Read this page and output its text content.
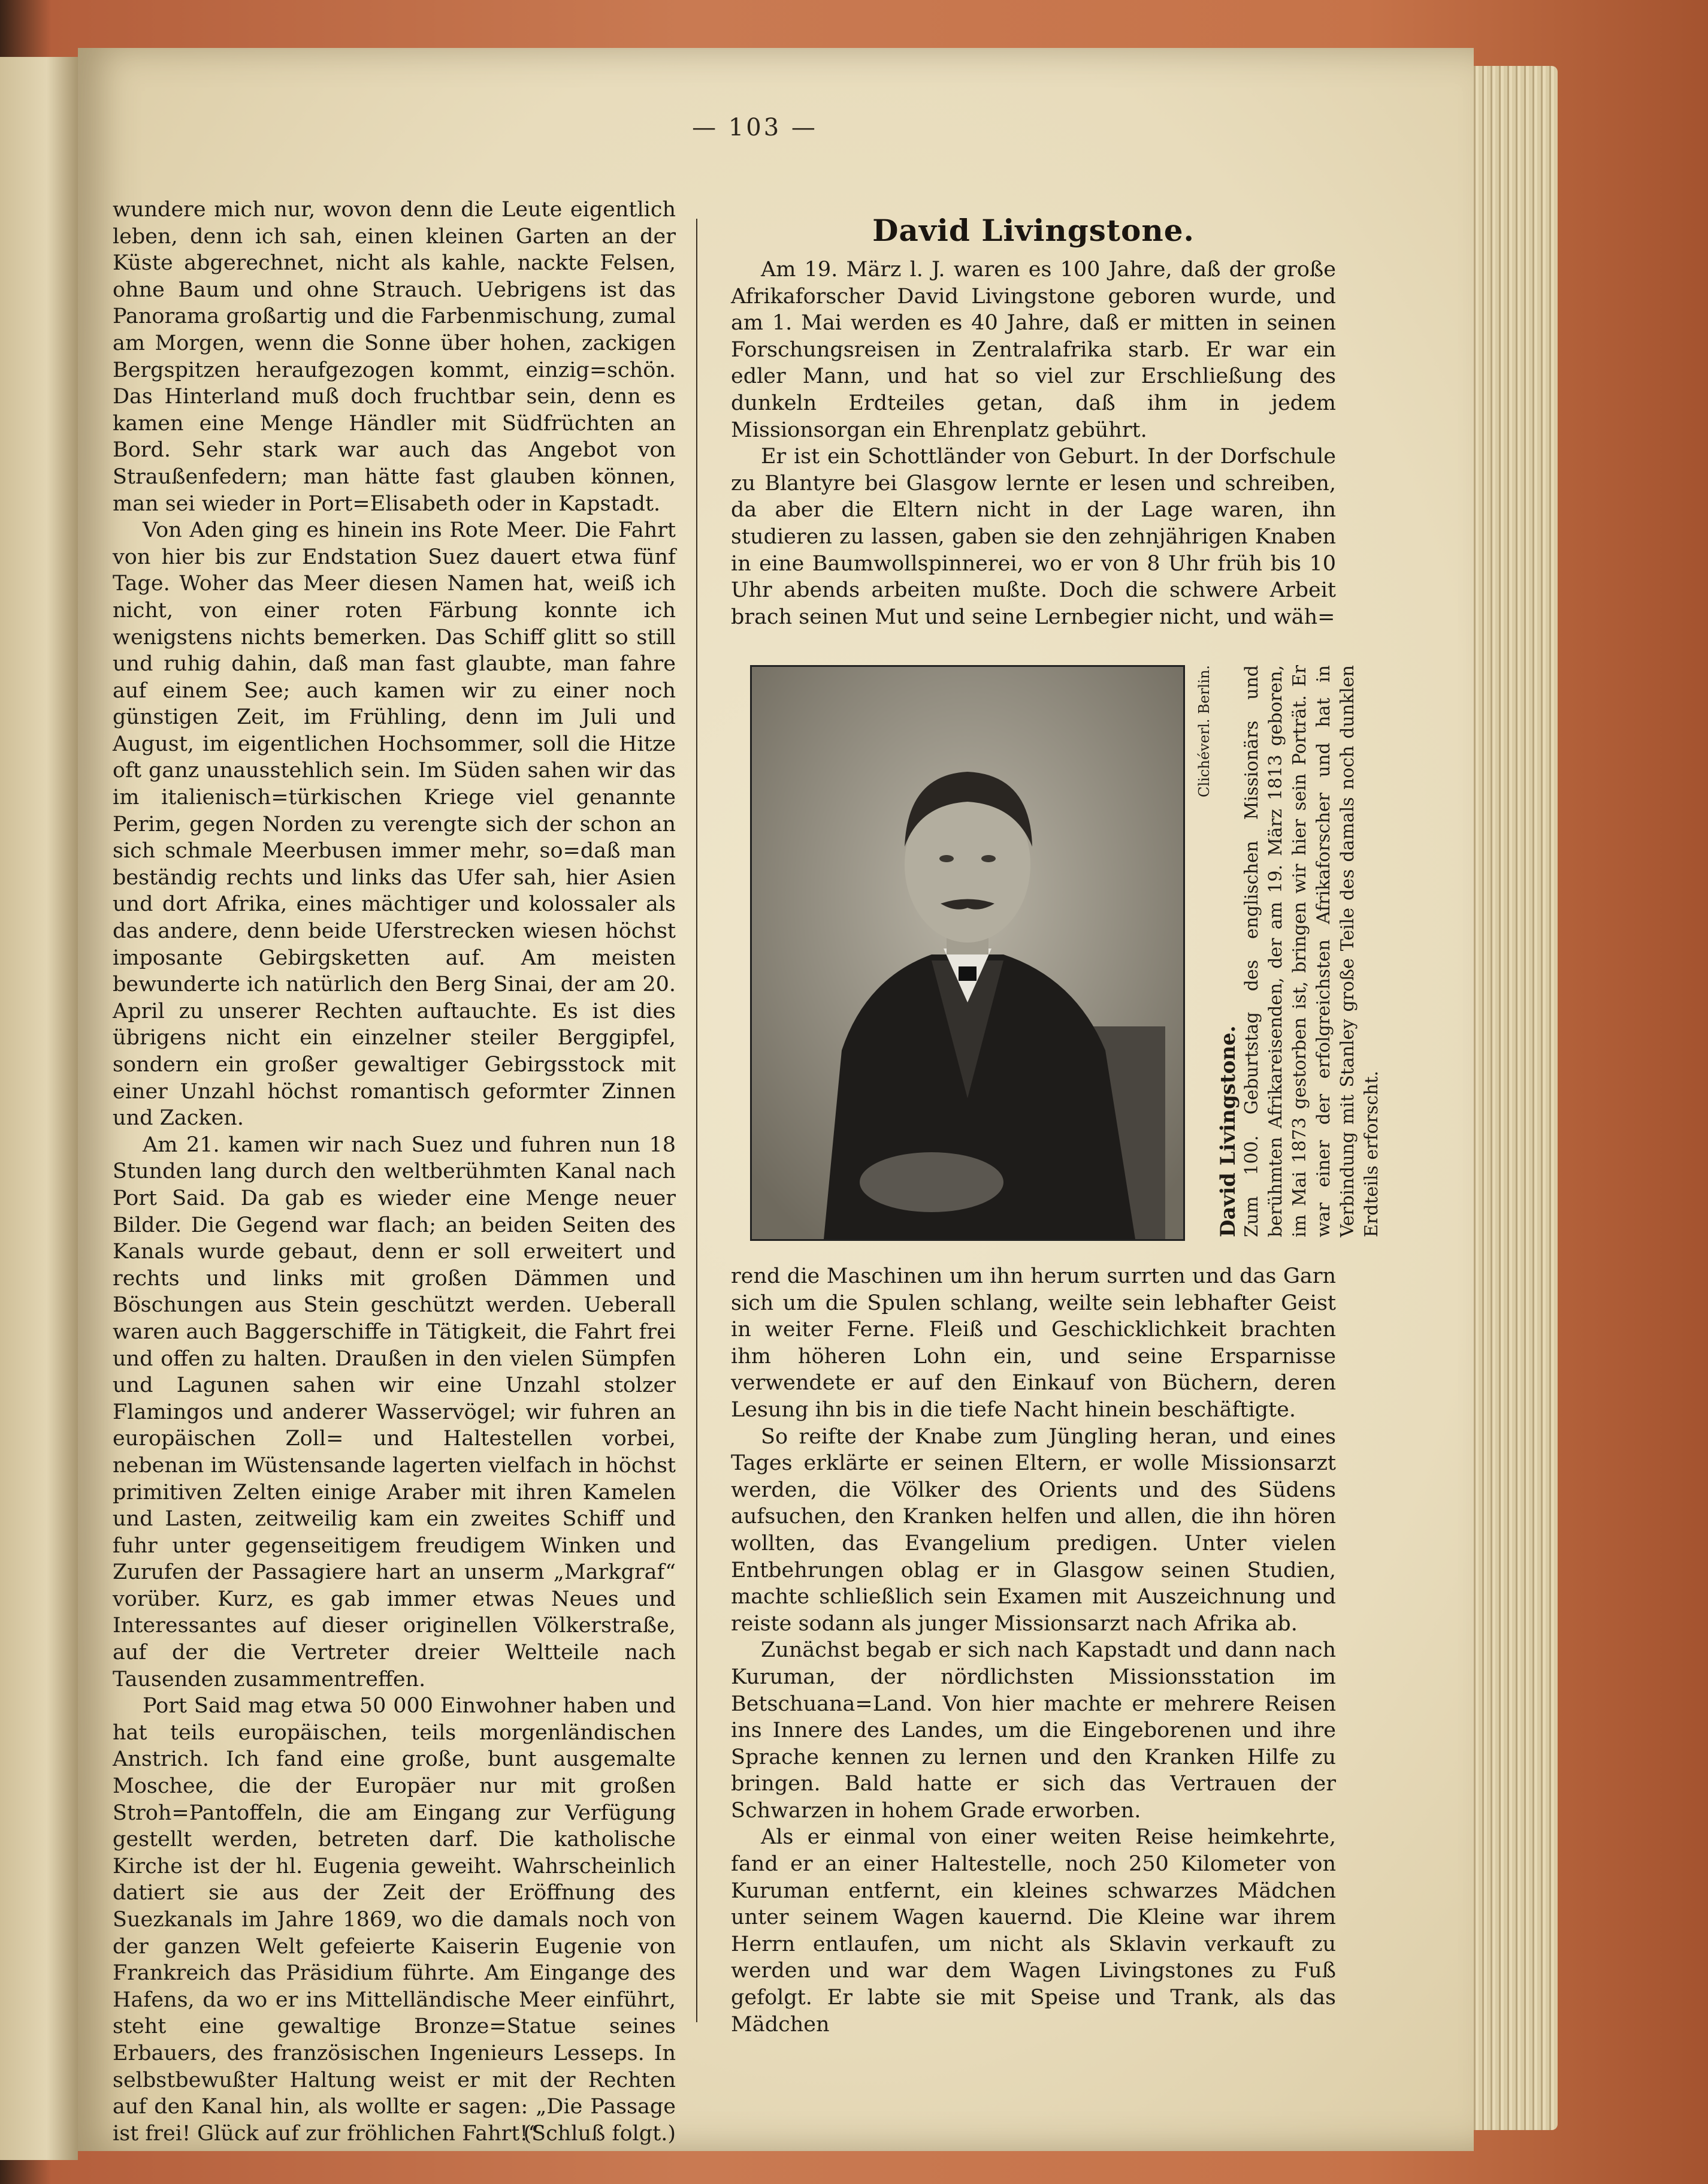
— 103 —

wundere mich nur, wovon denn die Leute eigentlich leben, denn ich sah, einen kleinen Garten an der Küste abgerechnet, nicht als kahle, nackte Felsen, ohne Baum und ohne Strauch. Uebrigens ist das Panorama großartig und die Farbenmischung, zumal am Morgen, wenn die Sonne über hohen, zackigen Bergspitzen heraufgezogen kommt, einzig=schön. Das Hinterland muß doch fruchtbar sein, denn es kamen eine Menge Händler mit Südfrüchten an Bord. Sehr stark war auch das Angebot von Straußenfedern; man hätte fast glauben können, man sei wieder in Port=Elisabeth oder in Kapstadt.

Von Aden ging es hinein ins Rote Meer. Die Fahrt von hier bis zur Endstation Suez dauert etwa fünf Tage. Woher das Meer diesen Namen hat, weiß ich nicht, von einer roten Färbung konnte ich wenigstens nichts bemerken. Das Schiff glitt so still und ruhig dahin, daß man fast glaubte, man fahre auf einem See; auch kamen wir zu einer noch günstigen Zeit, im Frühling, denn im Juli und August, im eigentlichen Hochsommer, soll die Hitze oft ganz unausstehlich sein. Im Süden sahen wir das im italienisch=türkischen Kriege viel genannte Perim, gegen Norden zu verengte sich der schon an sich schmale Meerbusen immer mehr, so=daß man beständig rechts und links das Ufer sah, hier Asien und dort Afrika, eines mächtiger und kolossaler als das andere, denn beide Uferstrecken wiesen höchst imposante Gebirgsketten auf. Am meisten bewunderte ich natürlich den Berg Sinai, der am 20. April zu unserer Rechten auftauchte. Es ist dies übrigens nicht ein einzelner steiler Berggipfel, sondern ein großer gewaltiger Gebirgsstock mit einer Unzahl höchst romantisch geformter Zinnen und Zacken.

Am 21. kamen wir nach Suez und fuhren nun 18 Stunden lang durch den weltberühmten Kanal nach Port Said. Da gab es wieder eine Menge neuer Bilder. Die Gegend war flach; an beiden Seiten des Kanals wurde gebaut, denn er soll erweitert und rechts und links mit großen Dämmen und Böschungen aus Stein geschützt werden. Ueberall waren auch Baggerschiffe in Tätigkeit, die Fahrt frei und offen zu halten. Draußen in den vielen Sümpfen und Lagunen sahen wir eine Unzahl stolzer Flamingos und anderer Wasservögel; wir fuhren an europäischen Zoll= und Haltestellen vorbei, nebenan im Wüstensande lagerten vielfach in höchst primitiven Zelten einige Araber mit ihren Kamelen und Lasten, zeitweilig kam ein zweites Schiff und fuhr unter gegenseitigem freudigem Winken und Zurufen der Passagiere hart an unserm „Markgraf“ vorüber. Kurz, es gab immer etwas Neues und Interessantes auf dieser originellen Völkerstraße, auf der die Vertreter dreier Weltteile nach Tausenden zusammentreffen.

Port Said mag etwa 50 000 Einwohner haben und hat teils europäischen, teils morgenländischen Anstrich. Ich fand eine große, bunt ausgemalte Moschee, die der Europäer nur mit großen Stroh=Pantoffeln, die am Eingang zur Verfügung gestellt werden, betreten darf. Die katholische Kirche ist der hl. Eugenia geweiht. Wahrscheinlich datiert sie aus der Zeit der Eröffnung des Suezkanals im Jahre 1869, wo die damals noch von der ganzen Welt gefeierte Kaiserin Eugenie von Frankreich das Präsidium führte. Am Eingange des Hafens, da wo er ins Mittelländische Meer einführt, steht eine gewaltige Bronze=Statue seines Erbauers, des französischen Ingenieurs Lesseps. In selbstbewußter Haltung weist er mit der Rechten auf den Kanal hin, als wollte er sagen: „Die Passage ist frei! Glück auf zur fröhlichen Fahrt!“

(Schluß folgt.)
David Livingstone.

Am 19. März l. J. waren es 100 Jahre, daß der große Afrikaforscher David Livingstone geboren wurde, und am 1. Mai werden es 40 Jahre, daß er mitten in seinen Forschungsreisen in Zentralafrika starb. Er war ein edler Mann, und hat so viel zur Erschließung des dunkeln Erdteiles getan, daß ihm in jedem Missionsorgan ein Ehrenplatz gebührt.

Er ist ein Schottländer von Geburt. In der Dorfschule zu Blantyre bei Glasgow lernte er lesen und schreiben, da aber die Eltern nicht in der Lage waren, ihn studieren zu lassen, gaben sie den zehnjährigen Knaben in eine Baumwollspinnerei, wo er von 8 Uhr früh bis 10 Uhr abends arbeiten mußte. Doch die schwere Arbeit brach seinen Mut und seine Lernbegier nicht, und wäh=

Clichéverl. Berlin.
David Livingstone. Zum 100. Geburtstag des englischen Missionärs und berühmten Afrikareisenden, der am 19. März 1813 geboren, im Mai 1873 gestorben ist, bringen wir hier sein Porträt. Er war einer der erfolgreichsten Afrikaforscher und hat in Verbindung mit Stanley große Teile des damals noch dunklen Erdteils erforscht.

rend die Maschinen um ihn herum surrten und das Garn sich um die Spulen schlang, weilte sein lebhafter Geist in weiter Ferne. Fleiß und Geschicklichkeit brachten ihm höheren Lohn ein, und seine Ersparnisse verwendete er auf den Einkauf von Büchern, deren Lesung ihn bis in die tiefe Nacht hinein beschäftigte.

So reifte der Knabe zum Jüngling heran, und eines Tages erklärte er seinen Eltern, er wolle Missionsarzt werden, die Völker des Orients und des Südens aufsuchen, den Kranken helfen und allen, die ihn hören wollten, das Evangelium predigen. Unter vielen Entbehrungen oblag er in Glasgow seinen Studien, machte schließlich sein Examen mit Auszeichnung und reiste sodann als junger Missionsarzt nach Afrika ab.

Zunächst begab er sich nach Kapstadt und dann nach Kuruman, der nördlichsten Missionsstation im Betschuana=Land. Von hier machte er mehrere Reisen ins Innere des Landes, um die Eingeborenen und ihre Sprache kennen zu lernen und den Kranken Hilfe zu bringen. Bald hatte er sich das Vertrauen der Schwarzen in hohem Grade erworben.

Als er einmal von einer weiten Reise heimkehrte, fand er an einer Haltestelle, noch 250 Kilometer von Kuruman entfernt, ein kleines schwarzes Mädchen unter seinem Wagen kauernd. Die Kleine war ihrem Herrn entlaufen, um nicht als Sklavin verkauft zu werden und war dem Wagen Livingstones zu Fuß gefolgt. Er labte sie mit Speise und Trank, als das Mädchen
